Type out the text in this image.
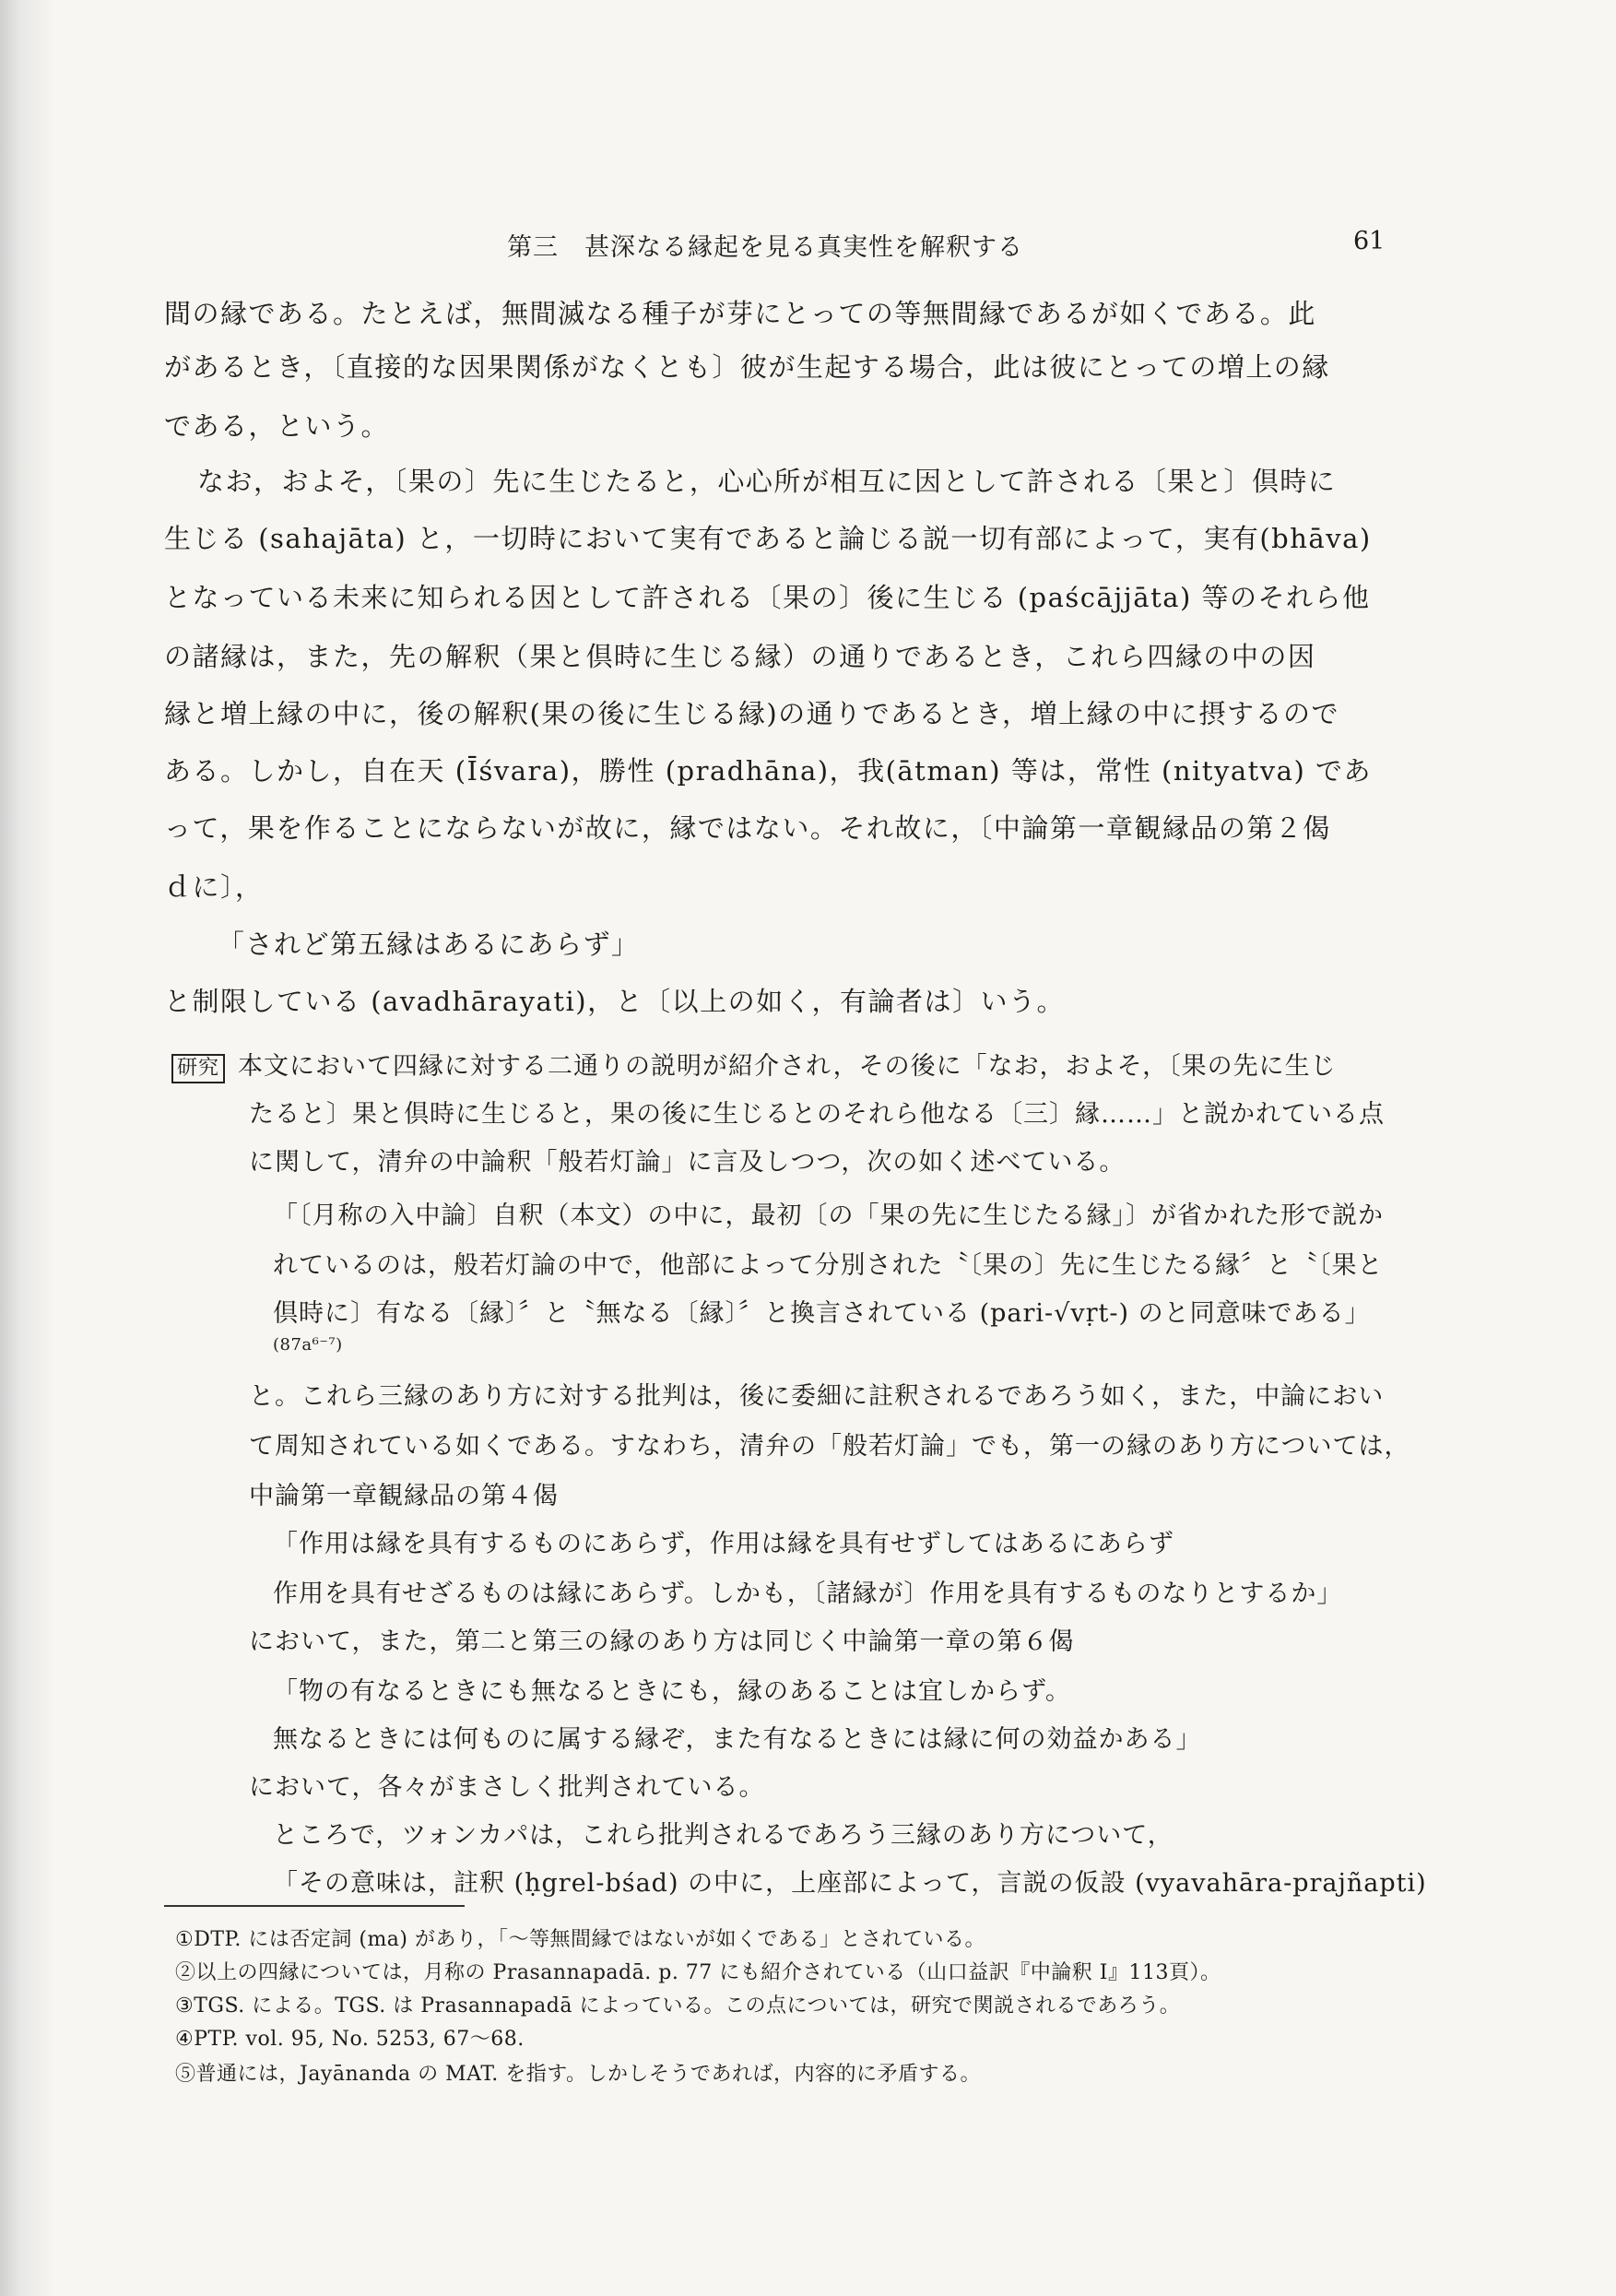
第三　甚深なる縁起を見る真実性を解釈する	61
間の縁である。たとえば，無間滅なる種子が芽にとっての等無間縁であるが如くである。此
があるとき，〔直接的な因果関係がなくとも〕彼が生起する場合，此は彼にとっての増上の縁
である，という。
なお，およそ，〔果の〕先に生じたると，心心所が相互に因として許される〔果と〕倶時に
生じる (sahajāta) と，一切時において実有であると論じる説一切有部によって，実有(bhāva)
となっている未来に知られる因として許される〔果の〕後に生じる (paścājjāta) 等のそれら他
の諸縁は，また，先の解釈（果と倶時に生じる縁）の通りであるとき，これら四縁の中の因
縁と増上縁の中に，後の解釈(果の後に生じる縁)の通りであるとき，増上縁の中に摂するので
ある。しかし，自在天 (Īśvara)，勝性 (pradhāna)，我(ātman) 等は，常性 (nityatva) であ
って，果を作ることにならないが故に，縁ではない。それ故に，〔中論第一章観縁品の第２偈
ｄに〕，
「されど第五縁はあるにあらず」
と制限している (avadhārayati)，と〔以上の如く，有論者は〕いう。
研究 本文において四縁に対する二通りの説明が紹介され，その後に「なお，およそ，〔果の先に生じ
たると〕果と倶時に生じると，果の後に生じるとのそれら他なる〔三〕縁……」と説かれている点
に関して，清弁の中論釈「般若灯論」に言及しつつ，次の如く述べている。
「〔月称の入中論〕自釈（本文）の中に，最初〔の「果の先に生じたる縁」〕が省かれた形で説か
れているのは，般若灯論の中で，他部によって分別された〝〔果の〕先に生じたる縁〞と〝〔果と
倶時に〕有なる〔縁〕〞と〝無なる〔縁〕〞と換言されている (pari-√vṛt-) のと同意味である」
(87a⁶⁻⁷)
と。これら三縁のあり方に対する批判は，後に委細に註釈されるであろう如く，また，中論におい
て周知されている如くである。すなわち，清弁の「般若灯論」でも，第一の縁のあり方については，
中論第一章観縁品の第４偈
「作用は縁を具有するものにあらず，作用は縁を具有せずしてはあるにあらず
作用を具有せざるものは縁にあらず。しかも，〔諸縁が〕作用を具有するものなりとするか」
において，また，第二と第三の縁のあり方は同じく中論第一章の第６偈
「物の有なるときにも無なるときにも，縁のあることは宜しからず。
無なるときには何ものに属する縁ぞ，また有なるときには縁に何の効益かある」
において，各々がまさしく批判されている。
ところで，ツォンカパは，これら批判されるであろう三縁のあり方について，
「その意味は，註釈 (ḥgrel-bśad) の中に，上座部によって，言説の仮設 (vyavahāra-prajñapti)
①DTP. には否定詞 (ma) があり，「～等無間縁ではないが如くである」とされている。
②以上の四縁については，月称の Prasannapadā. p. 77 にも紹介されている（山口益訳『中論釈 Ⅰ』113頁）。
③TGS. による。TGS. は Prasannapadā によっている。この点については，研究で関説されるであろう。
④PTP. vol. 95, No. 5253, 67～68.
⑤普通には，Jayānanda の MAT. を指す。しかしそうであれば，内容的に矛盾する。
